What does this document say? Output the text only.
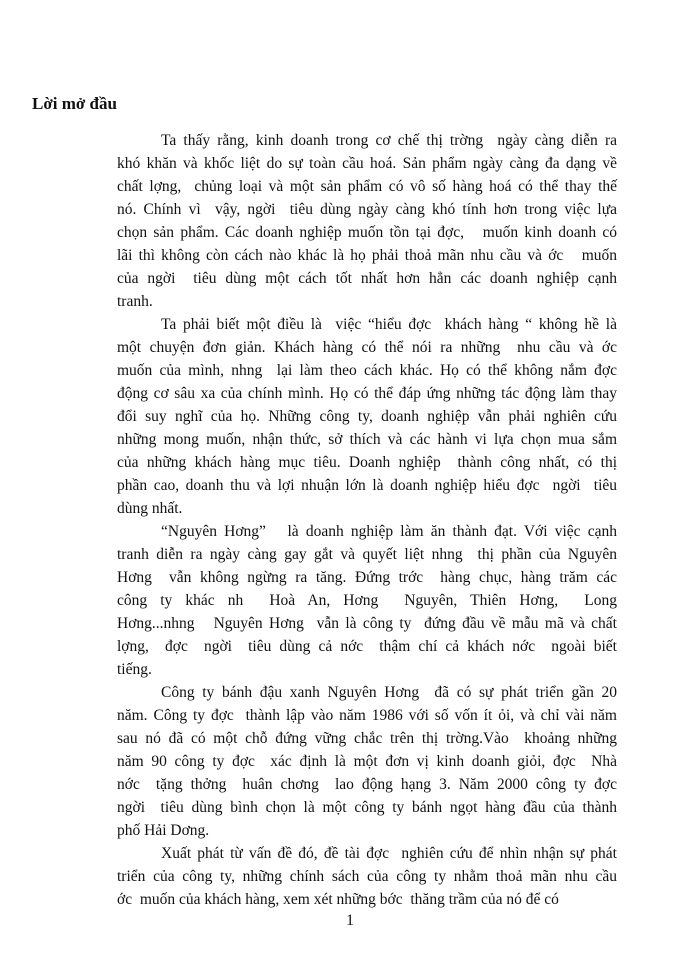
Lời mở đầu
Ta thấy rằng, kinh doanh trong cơ chế thị trờng  ngày càng diễn ra
khó khăn và khốc liệt do sự toàn cầu hoá. Sản phẩm ngày càng đa dạng về
chất lợng,  chủng loại và một sản phẩm có vô số hàng hoá có thể thay thế
nó. Chính vì  vậy, ngời  tiêu dùng ngày càng khó tính hơn trong việc lựa
chọn sản phẩm. Các doanh nghiệp muốn tồn tại đợc,   muốn kinh doanh có
lãi thì không còn cách nào khác là họ phải thoả mãn nhu cầu và ớc   muốn
của ngời  tiêu dùng một cách tốt nhất hơn hẳn các doanh nghiệp cạnh
tranh.
Ta phải biết một điều là  việc “hiểu đợc  khách hàng “ không hề là
một chuyện đơn giản. Khách hàng có thể nói ra những  nhu cầu và ớc
muốn của mình, nhng  lại làm theo cách khác. Họ có thể không nắm đợc
động cơ sâu xa của chính mình. Họ có thể đáp ứng những tác động làm thay
đổi suy nghĩ của họ. Những công ty, doanh nghiệp vẫn phải nghiên cứu
những mong muốn, nhận thức, sở thích và các hành vi lựa chọn mua sắm
của những khách hàng mục tiêu. Doanh nghiệp  thành công nhất, có thị
phần cao, doanh thu và lợi nhuận lớn là doanh nghiệp hiểu đợc  ngời  tiêu
dùng nhất.
“Nguyên Hơng”   là doanh nghiệp làm ăn thành đạt. Với việc cạnh
tranh diễn ra ngày càng gay gắt và quyết liệt nhng  thị phần của Nguyên
Hơng  vẫn không ngừng ra tăng. Đứng trớc  hàng chục, hàng trăm các
công ty khác nh  Hoà An, Hơng  Nguyên, Thiên Hơng,  Long
Hơng...nhng   Nguyên Hơng  vẫn là công ty  đứng đầu về mẫu mã và chất
lợng,  đợc  ngời  tiêu dùng cả nớc  thậm chí cả khách nớc  ngoài biết
tiếng.
Công ty bánh đậu xanh Nguyên Hơng  đã có sự phát triển gần 20
năm. Công ty đợc  thành lập vào năm 1986 với số vốn ít ỏi, và chỉ vài năm
sau nó đã có một chỗ đứng vững chắc trên thị trờng.Vào  khoảng những
năm 90 công ty đợc  xác định là một đơn vị kinh doanh giỏi, đợc  Nhà
nớc  tặng thởng  huân chơng  lao động hạng 3. Năm 2000 công ty đợc
ngời  tiêu dùng bình chọn là một công ty bánh ngọt hàng đầu của thành
phố Hải Dơng.
Xuất phát từ vấn đề đó, đề tài đợc  nghiên cứu để nhìn nhận sự phát
triển của công ty, những chính sách của công ty nhằm thoả mãn nhu cầu
ớc  muốn của khách hàng, xem xét những bớc  thăng trầm của nó để có
1
